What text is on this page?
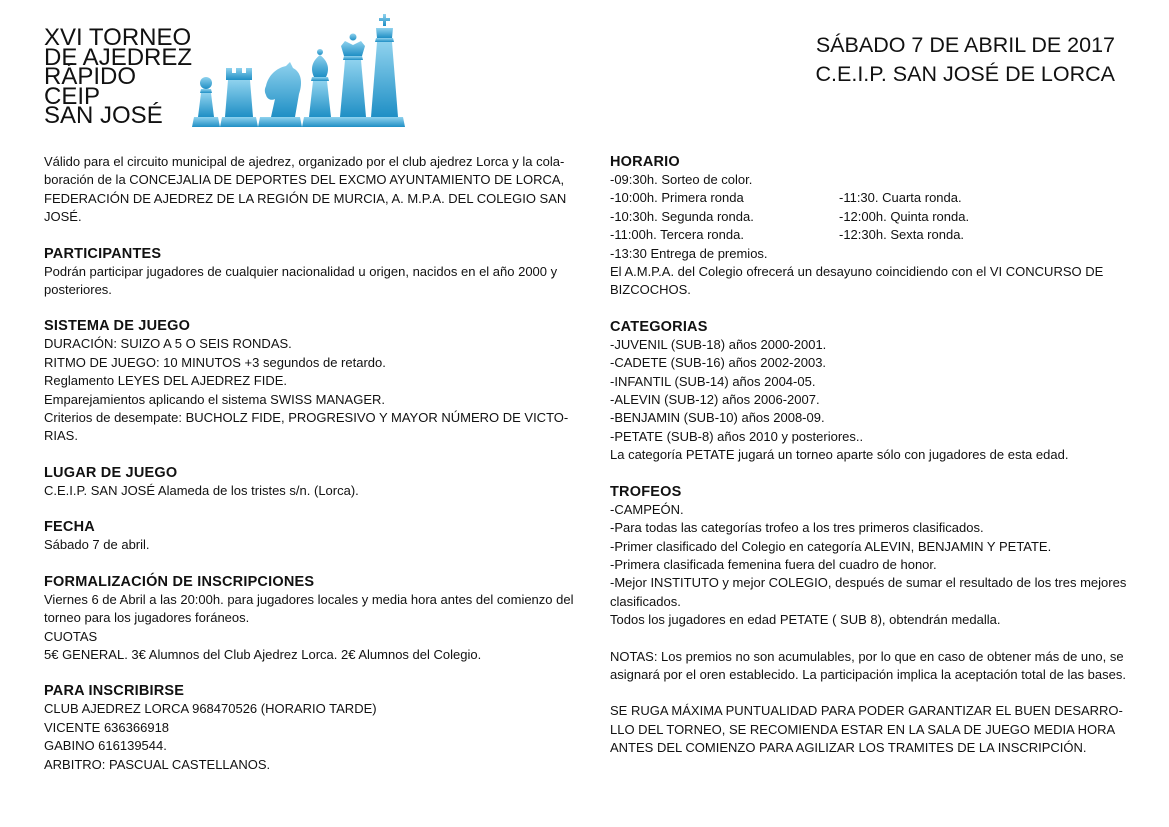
XVI TORNEO
DE AJEDREZ
RÁPIDO
CEIP
SAN JOSÉ
SÁBADO 7 DE ABRIL DE 2017
C.E.I.P. SAN JOSÉ DE LORCA
Válido para el circuito municipal de ajedrez, organizado por el club ajedrez Lorca y la cola-
boración de la CONCEJALIA DE DEPORTES DEL EXCMO AYUNTAMIENTO DE LORCA,
FEDERACIÓN DE AJEDREZ DE LA REGIÓN DE MURCIA, A. M.P.A. DEL COLEGIO SAN
JOSÉ.
PARTICIPANTES
Podrán participar jugadores de cualquier nacionalidad u origen, nacidos en el año 2000 y
posteriores.
SISTEMA DE JUEGO
DURACIÓN: SUIZO A 5 O SEIS RONDAS.
RITMO DE JUEGO: 10 MINUTOS +3 segundos de retardo.
Reglamento LEYES DEL AJEDREZ FIDE.
Emparejamientos aplicando el sistema SWISS MANAGER.
Criterios de desempate: BUCHOLZ FIDE, PROGRESIVO Y MAYOR NÚMERO DE VICTO-
RIAS.
LUGAR DE JUEGO
C.E.I.P. SAN JOSÉ Alameda de los tristes s/n. (Lorca).
FECHA
Sábado 7 de abril.
FORMALIZACIÓN DE INSCRIPCIONES
Viernes 6 de Abril a las 20:00h. para jugadores locales y media hora antes del comienzo del
torneo para los jugadores foráneos.
CUOTAS
5€ GENERAL. 3€ Alumnos del Club Ajedrez Lorca. 2€ Alumnos del Colegio.
PARA INSCRIBIRSE
CLUB AJEDREZ LORCA 968470526 (HORARIO TARDE)
VICENTE 636366918
GABINO 616139544.
ARBITRO: PASCUAL CASTELLANOS.
HORARIO
-09:30h. Sorteo de color.
-10:00h. Primera ronda	-11:30. Cuarta ronda.
-10:30h. Segunda ronda.	-12:00h. Quinta ronda.
-11:00h. Tercera ronda.	-12:30h. Sexta ronda.
-13:30 Entrega de premios.
El A.M.P.A. del Colegio ofrecerá un desayuno coincidiendo con el VI CONCURSO DE
BIZCOCHOS.
CATEGORIAS
-JUVENIL (SUB-18) años 2000-2001.
-CADETE (SUB-16) años 2002-2003.
-INFANTIL (SUB-14) años 2004-05.
-ALEVIN (SUB-12) años 2006-2007.
-BENJAMIN (SUB-10) años 2008-09.
-PETATE (SUB-8) años 2010 y posteriores..
La categoría PETATE jugará un torneo aparte sólo con jugadores de esta edad.
TROFEOS
-CAMPEÓN.
-Para todas las categorías trofeo a los tres primeros clasificados.
-Primer clasificado del Colegio en categoría ALEVIN, BENJAMIN Y PETATE.
-Primera clasificada femenina fuera del cuadro de honor.
-Mejor INSTITUTO y mejor COLEGIO, después de sumar el resultado de los tres mejores
clasificados.
Todos los jugadores en edad PETATE ( SUB 8), obtendrán medalla.
NOTAS: Los premios no son acumulables, por lo que en caso de obtener más de uno, se
asignará por el oren establecido. La participación implica la aceptación total de las bases.
SE RUGA MÁXIMA PUNTUALIDAD PARA PODER GARANTIZAR EL BUEN DESARRO-
LLO DEL TORNEO, SE RECOMIENDA ESTAR EN LA SALA DE JUEGO MEDIA HORA
ANTES DEL COMIENZO PARA AGILIZAR LOS TRAMITES DE LA INSCRIPCIÓN.
